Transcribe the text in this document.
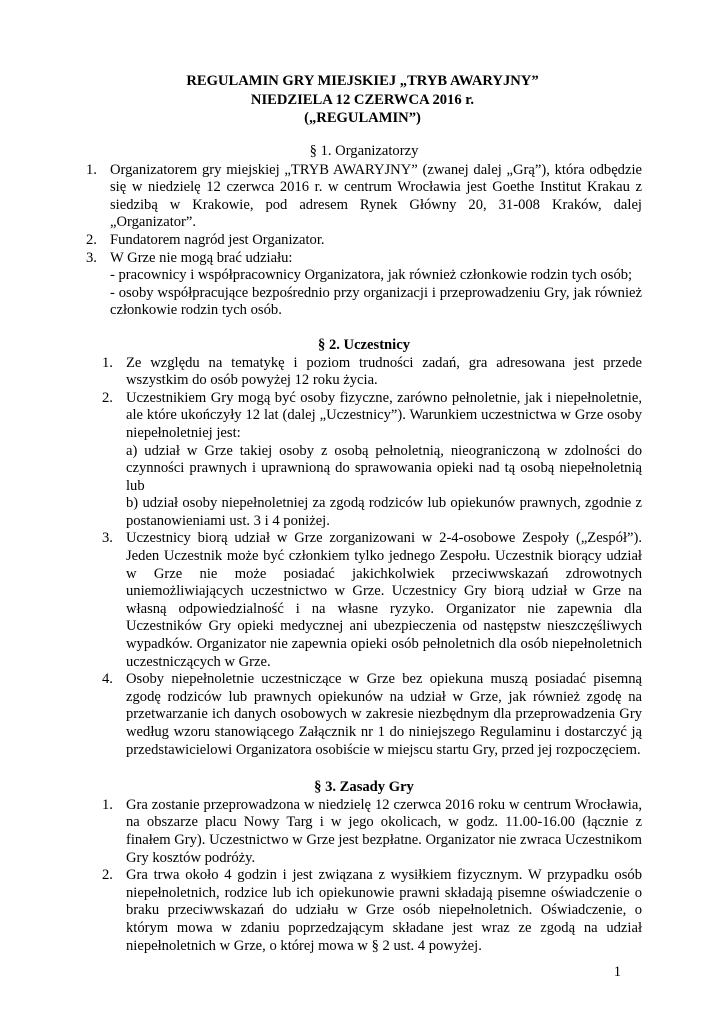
REGULAMIN GRY MIEJSKIEJ „TRYB AWARYJNY”
NIEDZIELA 12 CZERWCA 2016 r.
(„REGULAMIN”)
§ 1. Organizatorzy
1. Organizatorem gry miejskiej „TRYB AWARYJNY” (zwanej dalej „Grą”), która odbędzie się w niedzielę 12 czerwca 2016 r. w centrum Wrocławia jest Goethe Institut Krakau z siedzibą w Krakowie, pod adresem Rynek Główny 20, 31-008 Kraków, dalej „Organizator”.
2. Fundatorem nagród jest Organizator.
3. W Grze nie mogą brać udziału:
- pracownicy i współpracownicy Organizatora, jak również członkowie rodzin tych osób;
- osoby współpracujące bezpośrednio przy organizacji i przeprowadzeniu Gry, jak również członkowie rodzin tych osób.
§ 2. Uczestnicy
1. Ze względu na tematykę i poziom trudności zadań, gra adresowana jest przede wszystkim do osób powyżej 12 roku życia.
2. Uczestnikiem Gry mogą być osoby fizyczne, zarówno pełnoletnie, jak i niepełnoletnie, ale które ukończyły 12 lat (dalej „Uczestnicy”). Warunkiem uczestnictwa w Grze osoby niepełnoletniej jest:
a) udział w Grze takiej osoby z osobą pełnoletnią, nieograniczoną w zdolności do czynności prawnych i uprawnioną do sprawowania opieki nad tą osobą niepełnoletnią lub
b) udział osoby niepełnoletniej za zgodą rodziców lub opiekunów prawnych, zgodnie z postanowieniami ust. 3 i 4 poniżej.
3. Uczestnicy biorą udział w Grze zorganizowani w 2-4-osobowe Zespoły („Zespół”). Jeden Uczestnik może być członkiem tylko jednego Zespołu. Uczestnik biorący udział w Grze nie może posiadać jakichkolwiek przeciwwskazań zdrowotnych uniemożliwiających uczestnictwo w Grze. Uczestnicy Gry biorą udział w Grze na własną odpowiedzialność i na własne ryzyko. Organizator nie zapewnia dla Uczestników Gry opieki medycznej ani ubezpieczenia od następstw nieszczęśliwych wypadków. Organizator nie zapewnia opieki osób pełnoletnich dla osób niepełnoletnich uczestniczących w Grze.
4. Osoby niepełnoletnie uczestniczące w Grze bez opiekuna muszą posiadać pisemną zgodę rodziców lub prawnych opiekunów na udział w Grze, jak również zgodę na przetwarzanie ich danych osobowych w zakresie niezbędnym dla przeprowadzenia Gry według wzoru stanowiącego Załącznik nr 1 do niniejszego Regulaminu i dostarczyć ją przedstawicielowi Organizatora osobiście w miejscu startu Gry, przed jej rozpoczęciem.
§ 3. Zasady Gry
1. Gra zostanie przeprowadzona w niedzielę 12 czerwca 2016 roku w centrum Wrocławia, na obszarze placu Nowy Targ i w jego okolicach, w godz. 11.00-16.00 (łącznie z finałem Gry). Uczestnictwo w Grze jest bezpłatne. Organizator nie zwraca Uczestnikom Gry kosztów podróży.
2. Gra trwa około 4 godzin i jest związana z wysiłkiem fizycznym. W przypadku osób niepełnoletnich, rodzice lub ich opiekunowie prawni składają pisemne oświadczenie o braku przeciwwskazań do udziału w Grze osób niepełnoletnich. Oświadczenie, o którym mowa w zdaniu poprzedzającym składane jest wraz ze zgodą na udział niepełnoletnich w Grze, o której mowa w § 2 ust. 4 powyżej.
1
